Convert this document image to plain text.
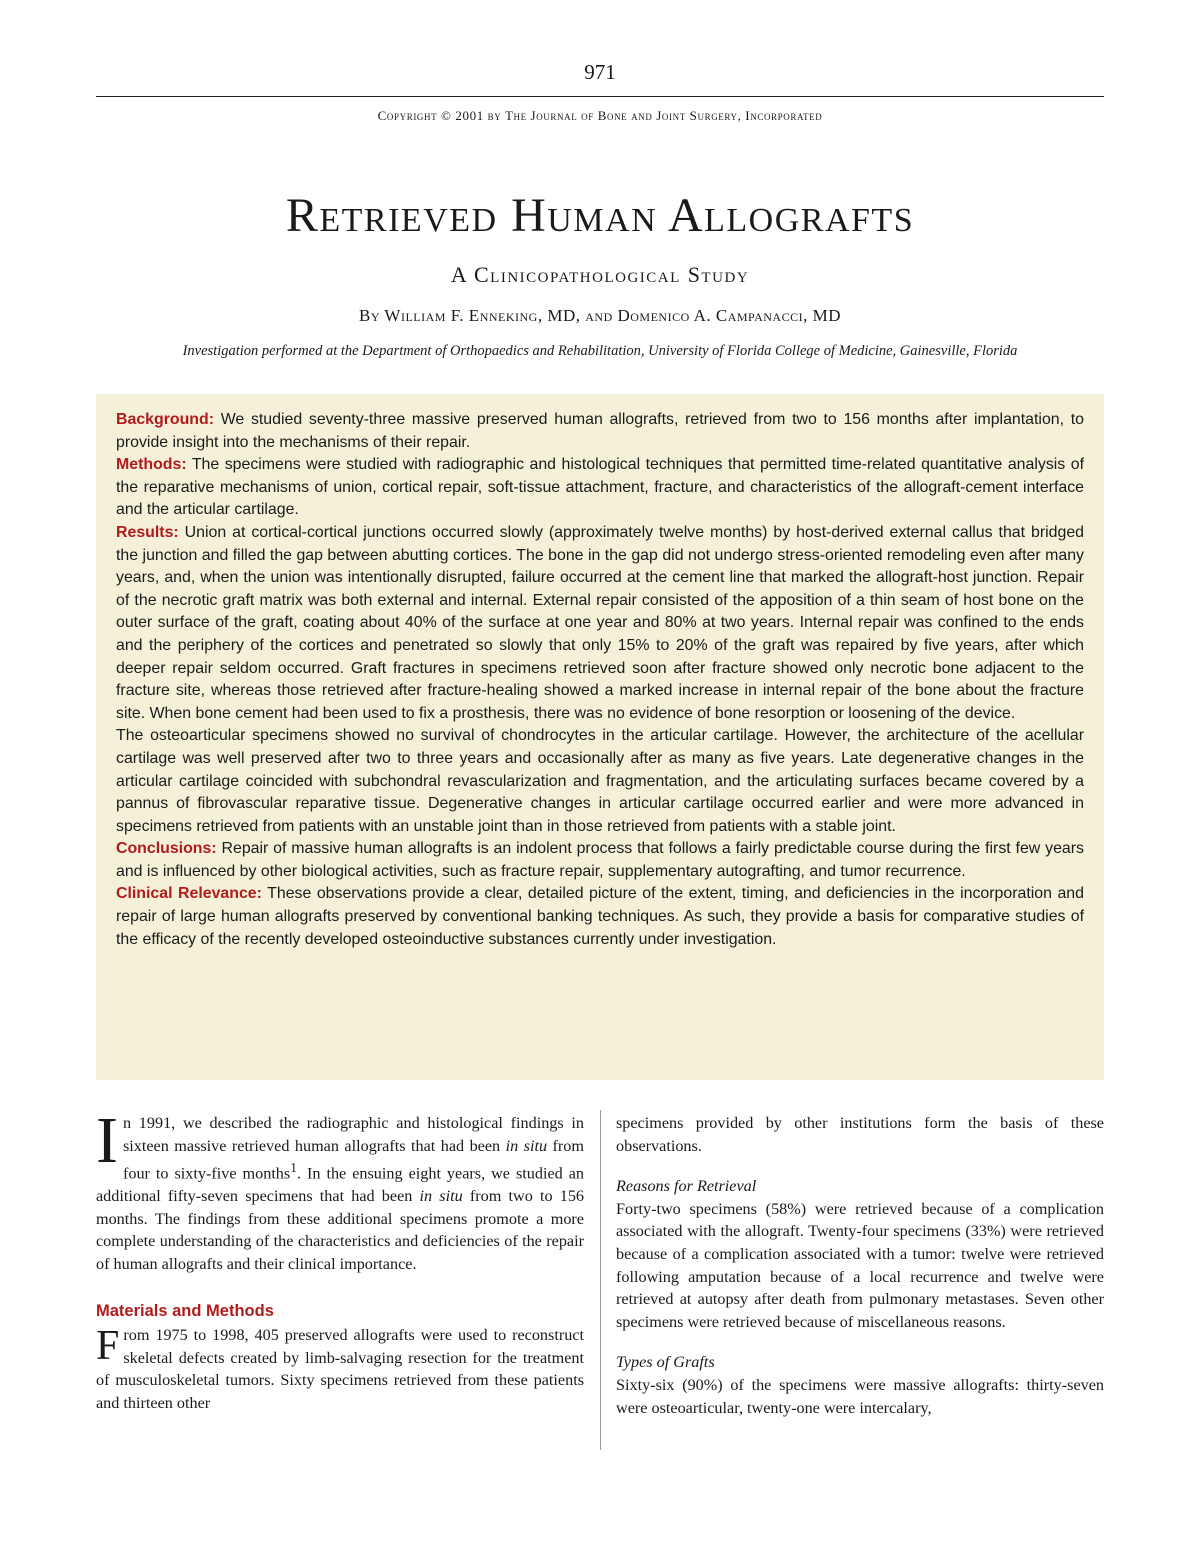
971
Copyright © 2001 by The Journal of Bone and Joint Surgery, Incorporated
Retrieved Human Allografts
A Clinicopathological Study
By William F. Enneking, MD, and Domenico A. Campanacci, MD
Investigation performed at the Department of Orthopaedics and Rehabilitation, University of Florida College of Medicine, Gainesville, Florida

Background: We studied seventy-three massive preserved human allografts, retrieved from two to 156 months after implantation, to provide insight into the mechanisms of their repair.

Methods: The specimens were studied with radiographic and histological techniques that permitted time-related quantitative analysis of the reparative mechanisms of union, cortical repair, soft-tissue attachment, fracture, and characteristics of the allograft-cement interface and the articular cartilage.

Results: Union at cortical-cortical junctions occurred slowly (approximately twelve months) by host-derived external callus that bridged the junction and filled the gap between abutting cortices. The bone in the gap did not undergo stress-oriented remodeling even after many years, and, when the union was intentionally disrupted, failure occurred at the cement line that marked the allograft-host junction. Repair of the necrotic graft matrix was both external and internal. External repair consisted of the apposition of a thin seam of host bone on the outer surface of the graft, coating about 40% of the surface at one year and 80% at two years. Internal repair was confined to the ends and the periphery of the cortices and penetrated so slowly that only 15% to 20% of the graft was repaired by five years, after which deeper repair seldom occurred. Graft fractures in specimens retrieved soon after fracture showed only necrotic bone adjacent to the fracture site, whereas those retrieved after fracture-healing showed a marked increase in internal repair of the bone about the fracture site. When bone cement had been used to fix a prosthesis, there was no evidence of bone resorption or loosening of the device.

The osteoarticular specimens showed no survival of chondrocytes in the articular cartilage. However, the architecture of the acellular cartilage was well preserved after two to three years and occasionally after as many as five years. Late degenerative changes in the articular cartilage coincided with subchondral revascularization and fragmentation, and the articulating surfaces became covered by a pannus of fibrovascular reparative tissue. Degenerative changes in articular cartilage occurred earlier and were more advanced in specimens retrieved from patients with an unstable joint than in those retrieved from patients with a stable joint.

Conclusions: Repair of massive human allografts is an indolent process that follows a fairly predictable course during the first few years and is influenced by other biological activities, such as fracture repair, supplementary autografting, and tumor recurrence.

Clinical Relevance: These observations provide a clear, detailed picture of the extent, timing, and deficiencies in the incorporation and repair of large human allografts preserved by conventional banking techniques. As such, they provide a basis for comparative studies of the efficacy of the recently developed osteoinductive substances currently under investigation.

In 1991, we described the radiographic and histological findings in sixteen massive retrieved human allografts that had been in situ from four to sixty-five months$^1$. In the ensuing eight years, we studied an additional fifty-seven specimens that had been in situ from two to 156 months. The findings from these additional specimens promote a more complete understanding of the characteristics and deficiencies of the repair of human allografts and their clinical importance.

Materials and Methods

From 1975 to 1998, 405 preserved allografts were used to reconstruct skeletal defects created by limb-salvaging resection for the treatment of musculoskeletal tumors. Sixty specimens retrieved from these patients and thirteen other

specimens provided by other institutions form the basis of these observations.

Reasons for Retrieval

Forty-two specimens (58%) were retrieved because of a complication associated with the allograft. Twenty-four specimens (33%) were retrieved because of a complication associated with a tumor: twelve were retrieved following amputation because of a local recurrence and twelve were retrieved at autopsy after death from pulmonary metastases. Seven other specimens were retrieved because of miscellaneous reasons.

Types of Grafts

Sixty-six (90%) of the specimens were massive allografts: thirty-seven were osteoarticular, twenty-one were intercalary,
